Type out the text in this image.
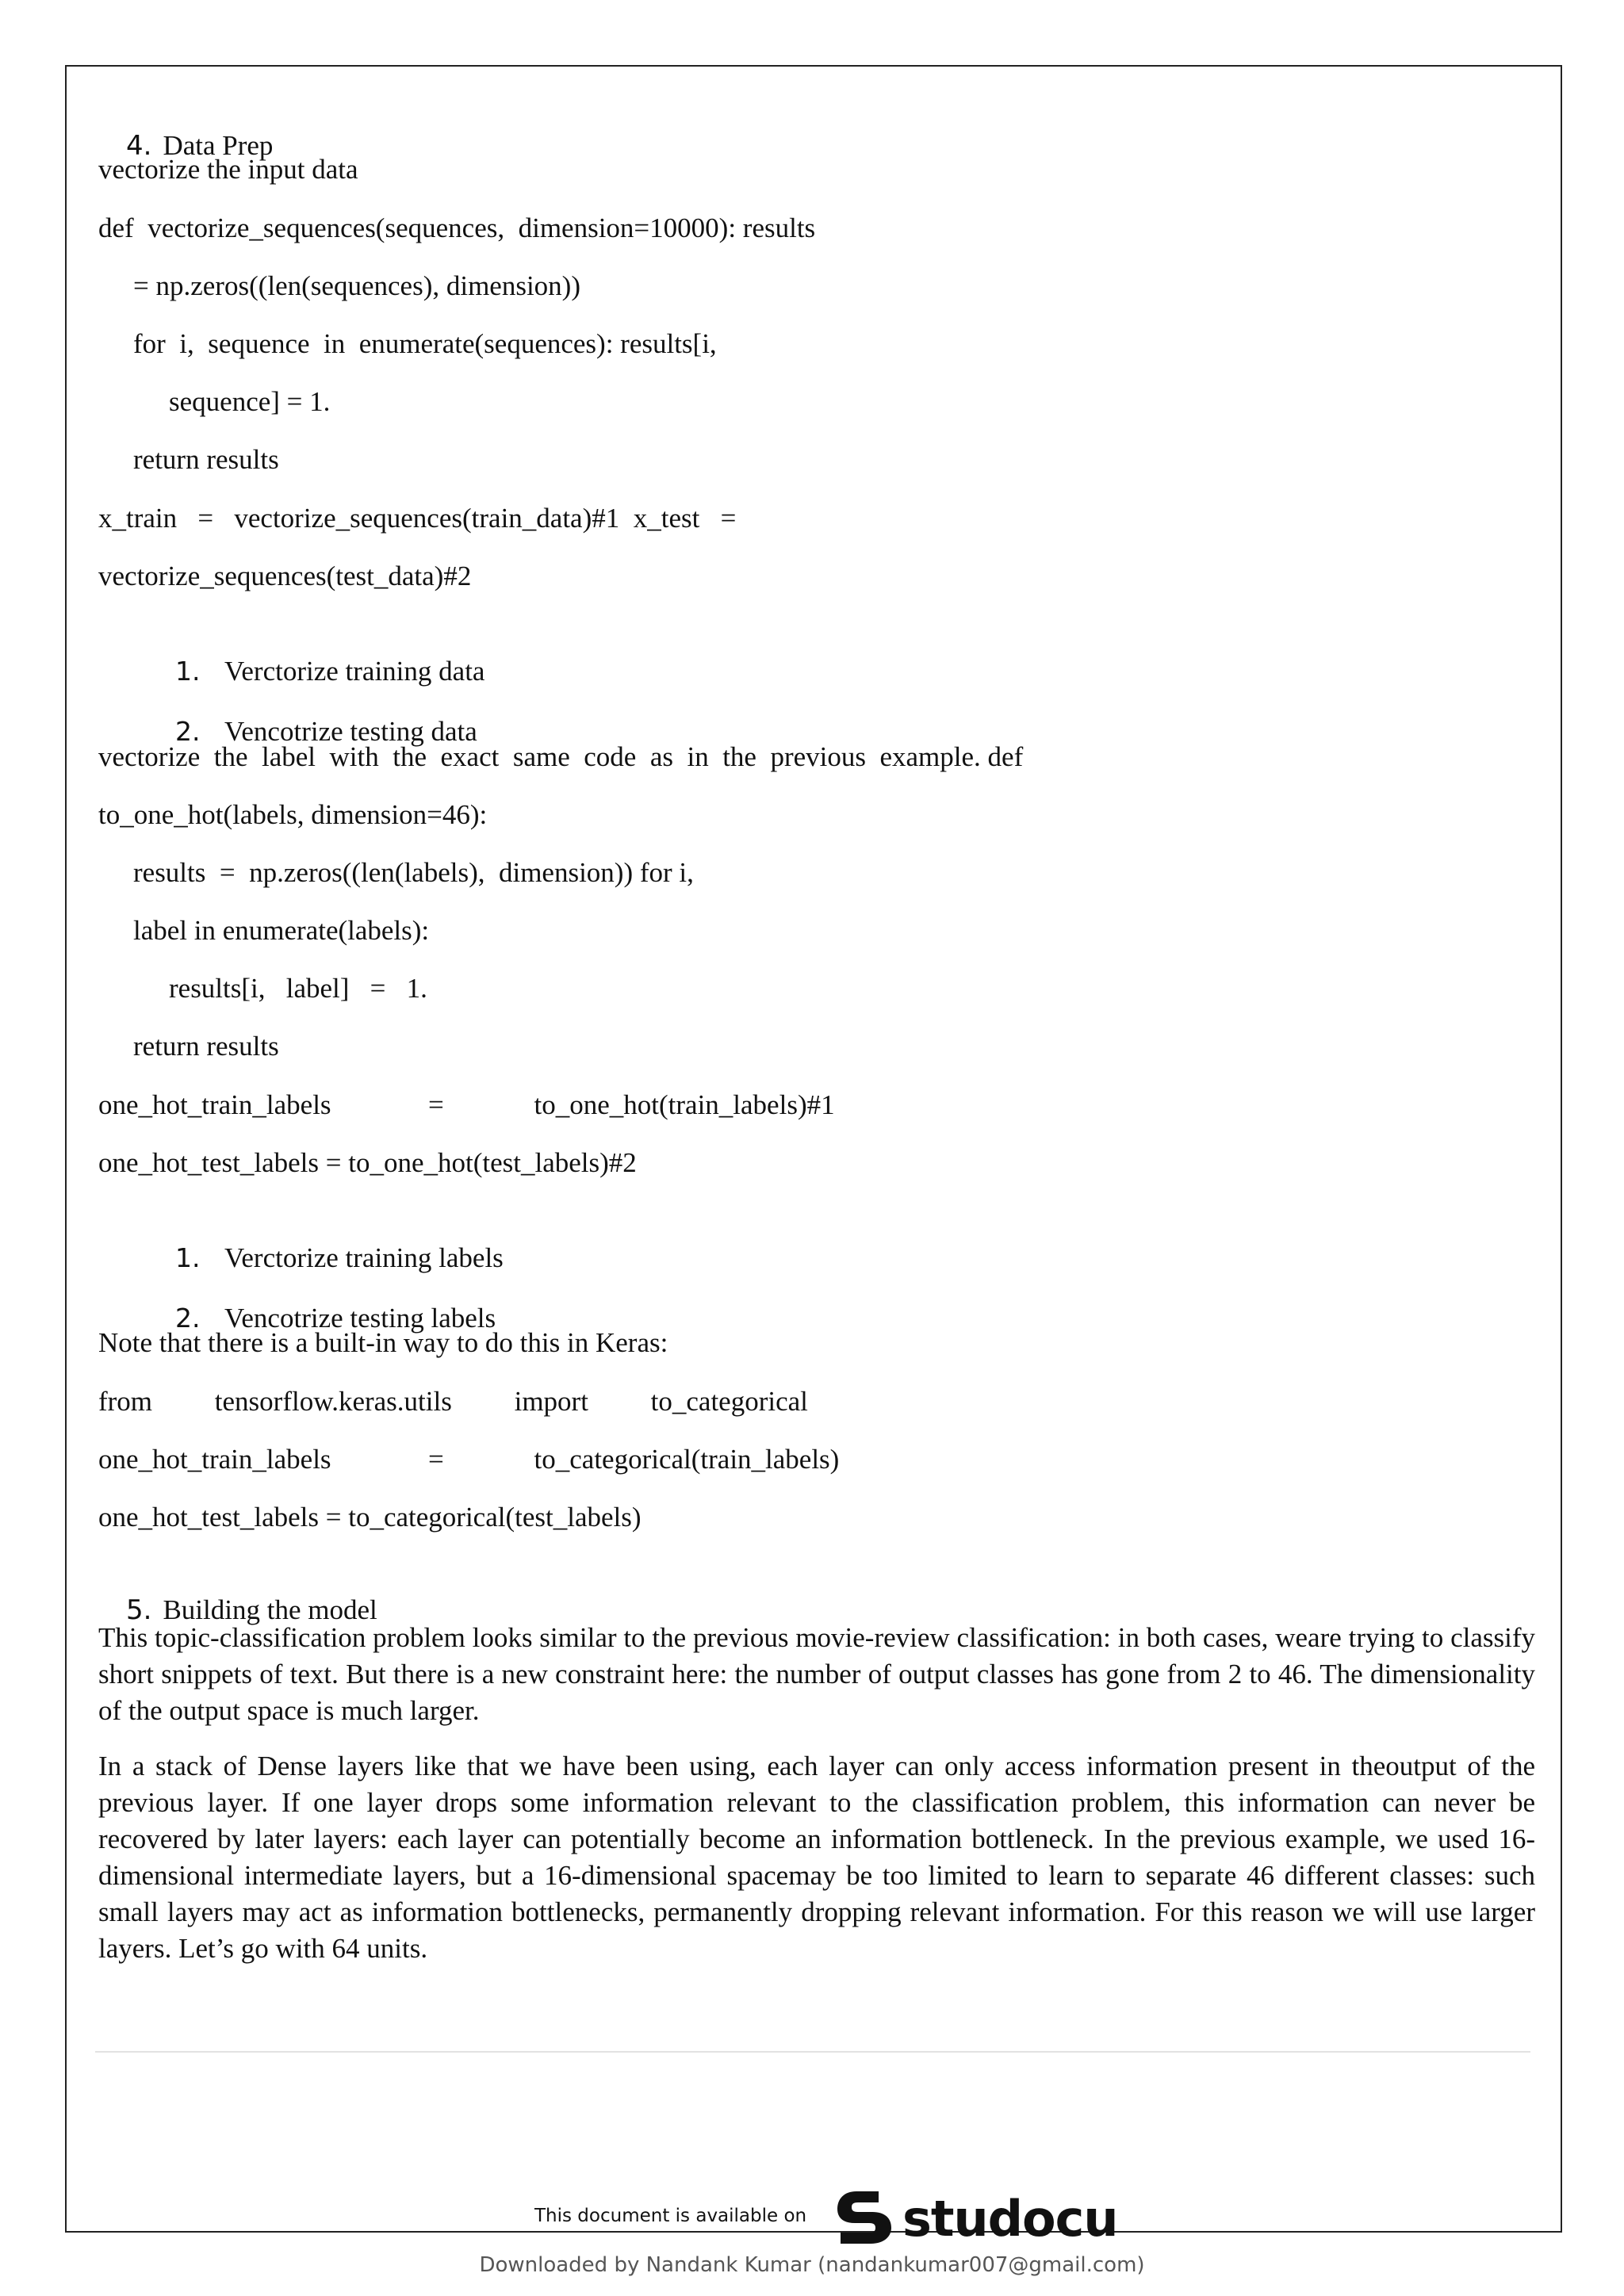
4. Data Prep

vectorize the input data
def  vectorize_sequences(sequences,  dimension=10000): results
= np.zeros((len(sequences), dimension))
for  i,  sequence  in  enumerate(sequences): results[i,
sequence] = 1.
return results
x_train   =   vectorize_sequences(train_data)#1  x_test   =
vectorize_sequences(test_data)#2

1. Verctorize training data

2. Vencotrize testing data

vectorize  the  label  with  the  exact  same  code  as  in  the  previous  example. def
to_one_hot(labels, dimension=46):
results  =  np.zeros((len(labels),  dimension)) for i,
label in enumerate(labels):
results[i,   label]   =   1.
return results
one_hot_train_labels              =             to_one_hot(train_labels)#1
one_hot_test_labels = to_one_hot(test_labels)#2

1. Verctorize training labels

2. Vencotrize testing labels

Note that there is a built-in way to do this in Keras:
from         tensorflow.keras.utils         import         to_categorical
one_hot_train_labels              =             to_categorical(train_labels)
one_hot_test_labels = to_categorical(test_labels)

5. Building the model

This topic-classification problem looks similar to the previous movie-review classification: in both cases, weare trying to classify short snippets of text. But there is a new constraint here: the number of output classes has gone from 2 to 46. The dimensionality of the output space is much larger.
In a stack of Dense layers like that we have been using, each layer can only access information present in theoutput of the previous layer. If one layer drops some information relevant to the classification problem, this information can never be recovered by later layers: each layer can potentially become an information bottleneck. In the previous example, we used 16-dimensional intermediate layers, but a 16-dimensional spacemay be too limited to learn to separate 46 different classes: such small layers may act as information bottlenecks, permanently dropping relevant information. For this reason we will use larger layers. Let’s go with 64 units.
This document is available on studocu
Downloaded by Nandank Kumar (nandankumar007@gmail.com)
